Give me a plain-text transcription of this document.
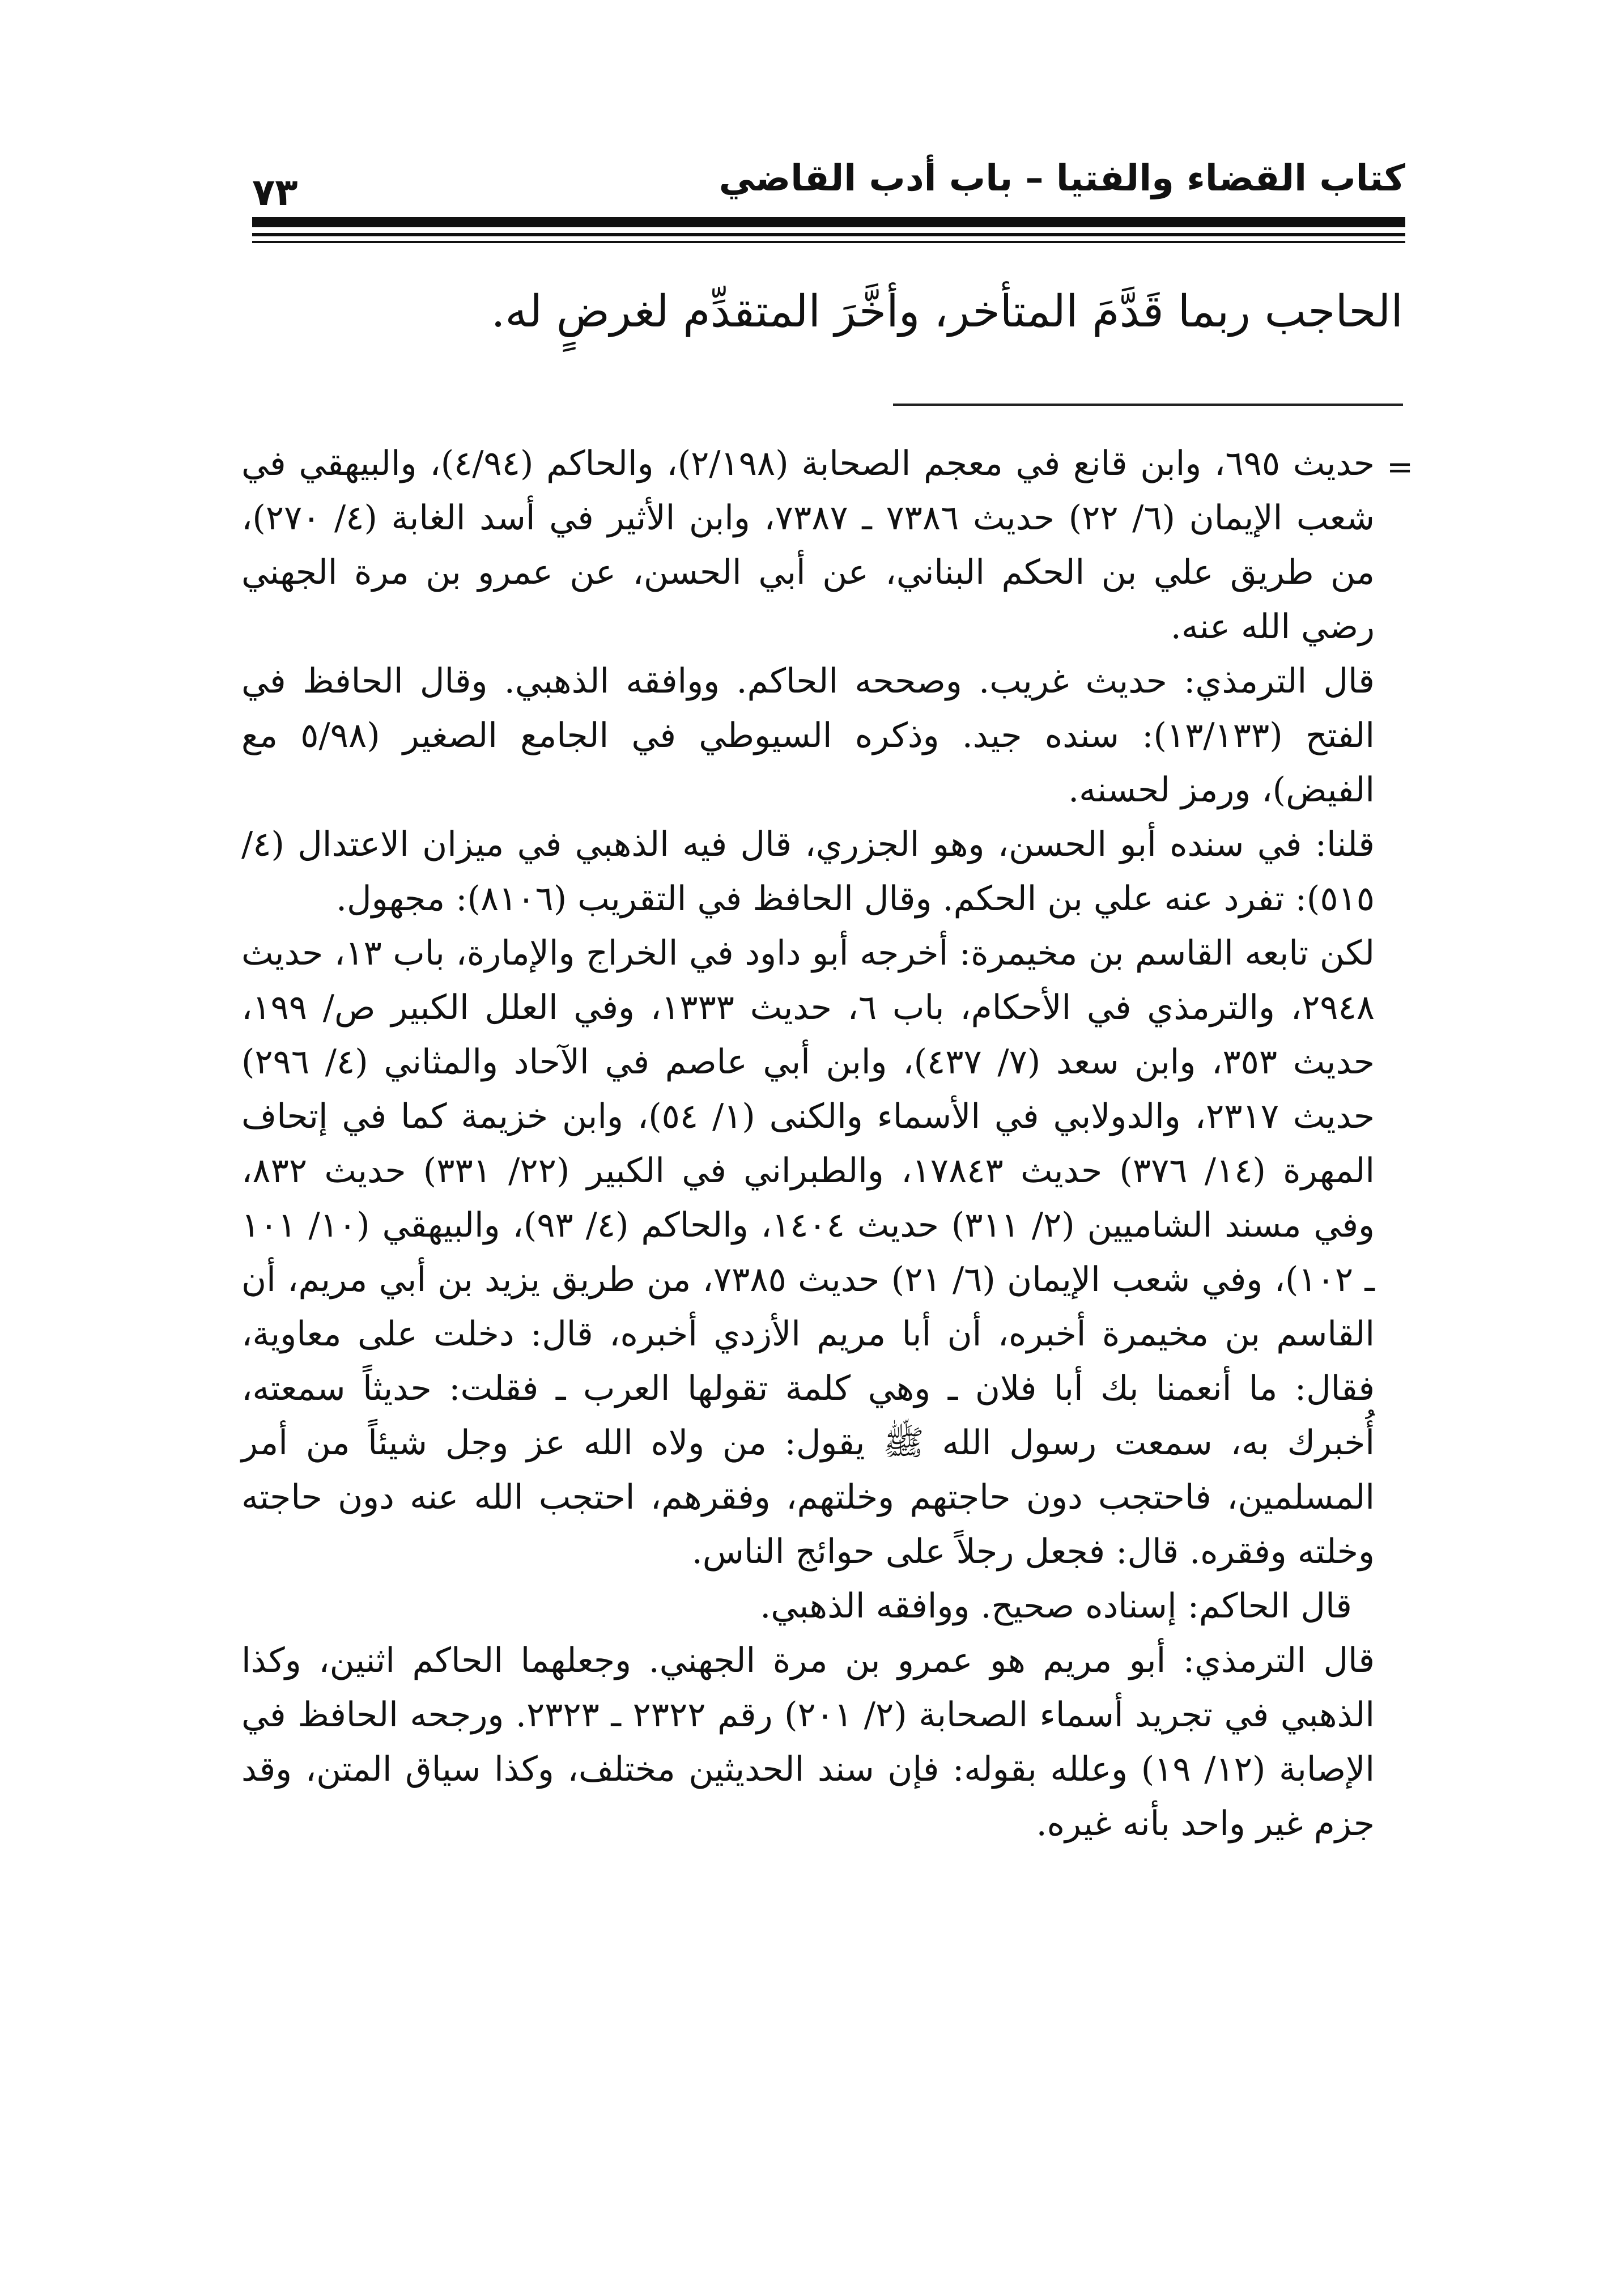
كتاب القضاء والفتيا – باب أدب القاضي
٧٣
الحاجب ربما قَدَّمَ المتأخر، وأخَّرَ المتقدِّم لغرضٍ له.
=

حديث ٦٩٥، وابن قانع في معجم الصحابة (٢/١٩٨)، والحاكم (٤/٩٤)، والبيهقي في شعب الإيمان (٦/ ٢٢) حديث ٧٣٨٦ ـ ٧٣٨٧، وابن الأثير في أسد الغابة (٤/ ٢٧٠)، من طريق علي بن الحكم البناني، عن أبي الحسن، عن عمرو بن مرة الجهني رضي الله عنه.

قال الترمذي: حديث غريب. وصححه الحاكم. ووافقه الذهبي. وقال الحافظ في الفتح (١٣/١٣٣): سنده جيد. وذكره السيوطي في الجامع الصغير (٥/٩٨ مع الفيض)، ورمز لحسنه.

قلنا: في سنده أبو الحسن، وهو الجزري، قال فيه الذهبي في ميزان الاعتدال (٤/ ٥١٥): تفرد عنه علي بن الحكم. وقال الحافظ في التقريب (٨١٠٦): مجهول.

لكن تابعه القاسم بن مخيمرة: أخرجه أبو داود في الخراج والإمارة، باب ١٣، حديث ٢٩٤٨، والترمذي في الأحكام، باب ٦، حديث ١٣٣٣، وفي العلل الكبير ص/ ١٩٩، حديث ٣٥٣، وابن سعد (٧/ ٤٣٧)، وابن أبي عاصم في الآحاد والمثاني (٤/ ٢٩٦) حديث ٢٣١٧، والدولابي في الأسماء والكنى (١/ ٥٤)، وابن خزيمة كما في إتحاف المهرة (١٤/ ٣٧٦) حديث ١٧٨٤٣، والطبراني في الكبير (٢٢/ ٣٣١) حديث ٨٣٢، وفي مسند الشاميين (٢/ ٣١١) حديث ١٤٠٤، والحاكم (٤/ ٩٣)، والبيهقي (١٠/ ١٠١ ـ ١٠٢)، وفي شعب الإيمان (٦/ ٢١) حديث ٧٣٨٥، من طريق يزيد بن أبي مريم، أن القاسم بن مخيمرة أخبره، أن أبا مريم الأزدي أخبره، قال: دخلت على معاوية، فقال: ما أنعمنا بك أبا فلان ـ وهي كلمة تقولها العرب ـ فقلت: حديثاً سمعته، أُخبرك به، سمعت رسول الله ﷺ يقول: من ولاه الله عز وجل شيئاً من أمر المسلمين، فاحتجب دون حاجتهم وخلتهم، وفقرهم، احتجب الله عنه دون حاجته وخلته وفقره. قال: فجعل رجلاً على حوائج الناس.

قال الحاكم: إسناده صحيح. ووافقه الذهبي.

قال الترمذي: أبو مريم هو عمرو بن مرة الجهني. وجعلهما الحاكم اثنين، وكذا الذهبي في تجريد أسماء الصحابة (٢/ ٢٠١) رقم ٢٣٢٢ ـ ٢٣٢٣. ورجحه الحافظ في الإصابة (١٢/ ١٩) وعلله بقوله: فإن سند الحديثين مختلف، وكذا سياق المتن، وقد جزم غير واحد بأنه غيره.
